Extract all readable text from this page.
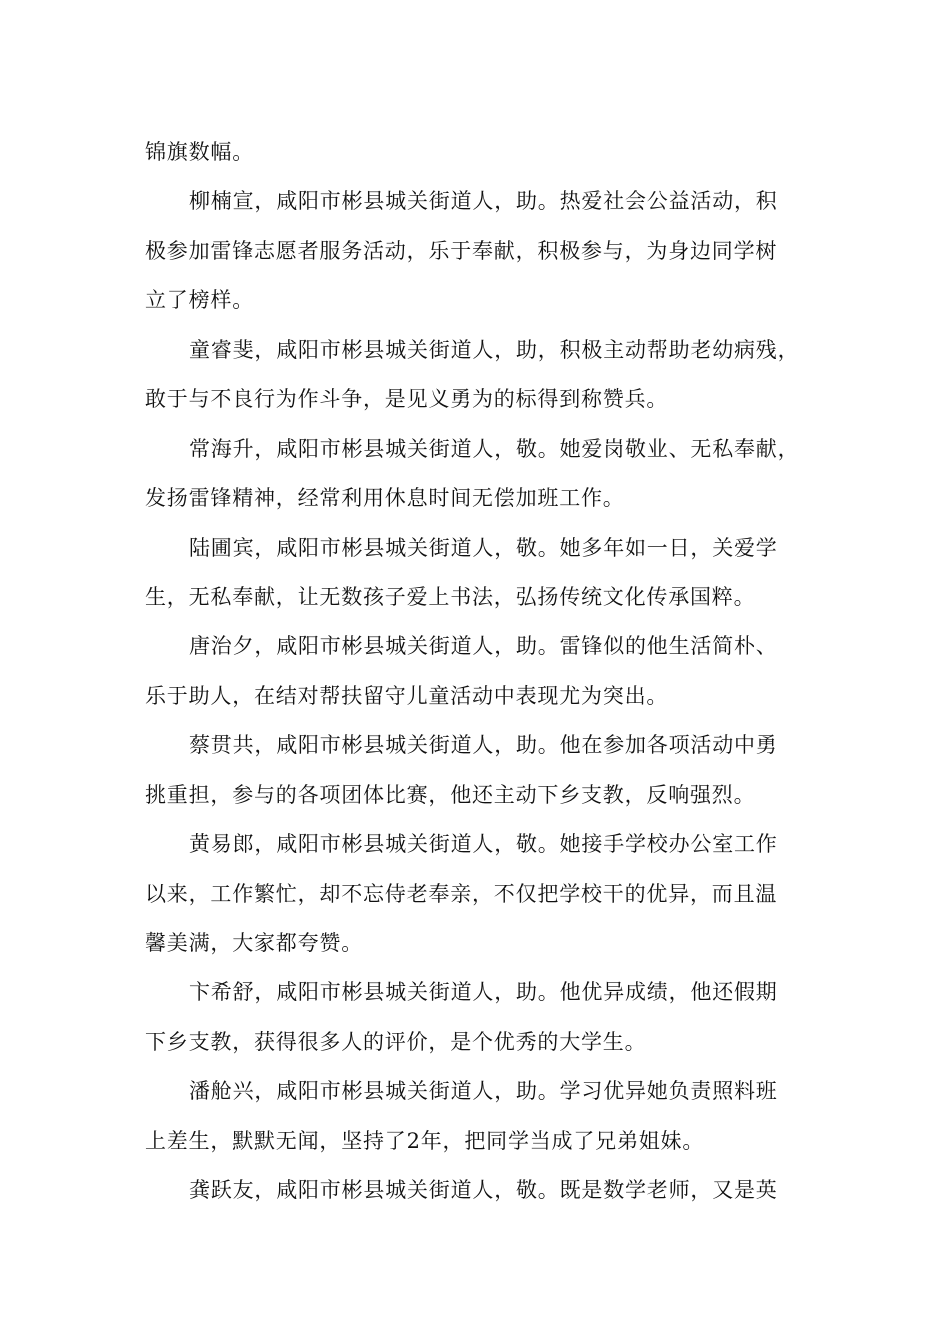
锦旗数幅。
柳楠宣，咸阳市彬县城关街道人，助。热爱社会公益活动，积
极参加雷锋志愿者服务活动，乐于奉献，积极参与，为身边同学树
立了榜样。
童睿斐，咸阳市彬县城关街道人，助，积极主动帮助老幼病残，
敢于与不良行为作斗争，是见义勇为的标得到称赞兵。
常海升，咸阳市彬县城关街道人，敬。她爱岗敬业、无私奉献，
发扬雷锋精神，经常利用休息时间无偿加班工作。
陆圃宾，咸阳市彬县城关街道人，敬。她多年如一日，关爱学
生，无私奉献，让无数孩子爱上书法，弘扬传统文化传承国粹。
唐治夕，咸阳市彬县城关街道人，助。雷锋似的他生活简朴、
乐于助人，在结对帮扶留守儿童活动中表现尤为突出。
蔡贯共，咸阳市彬县城关街道人，助。他在参加各项活动中勇
挑重担，参与的各项团体比赛，他还主动下乡支教，反响强烈。
黄易郎，咸阳市彬县城关街道人，敬。她接手学校办公室工作
以来，工作繁忙，却不忘侍老奉亲，不仅把学校干的优异，而且温
馨美满，大家都夸赞。
卞希舒，咸阳市彬县城关街道人，助。他优异成绩，他还假期
下乡支教，获得很多人的评价，是个优秀的大学生。
潘舱兴，咸阳市彬县城关街道人，助。学习优异她负责照料班
上差生，默默无闻，坚持了2年，把同学当成了兄弟姐妹。
龚跃友，咸阳市彬县城关街道人，敬。既是数学老师，又是英
